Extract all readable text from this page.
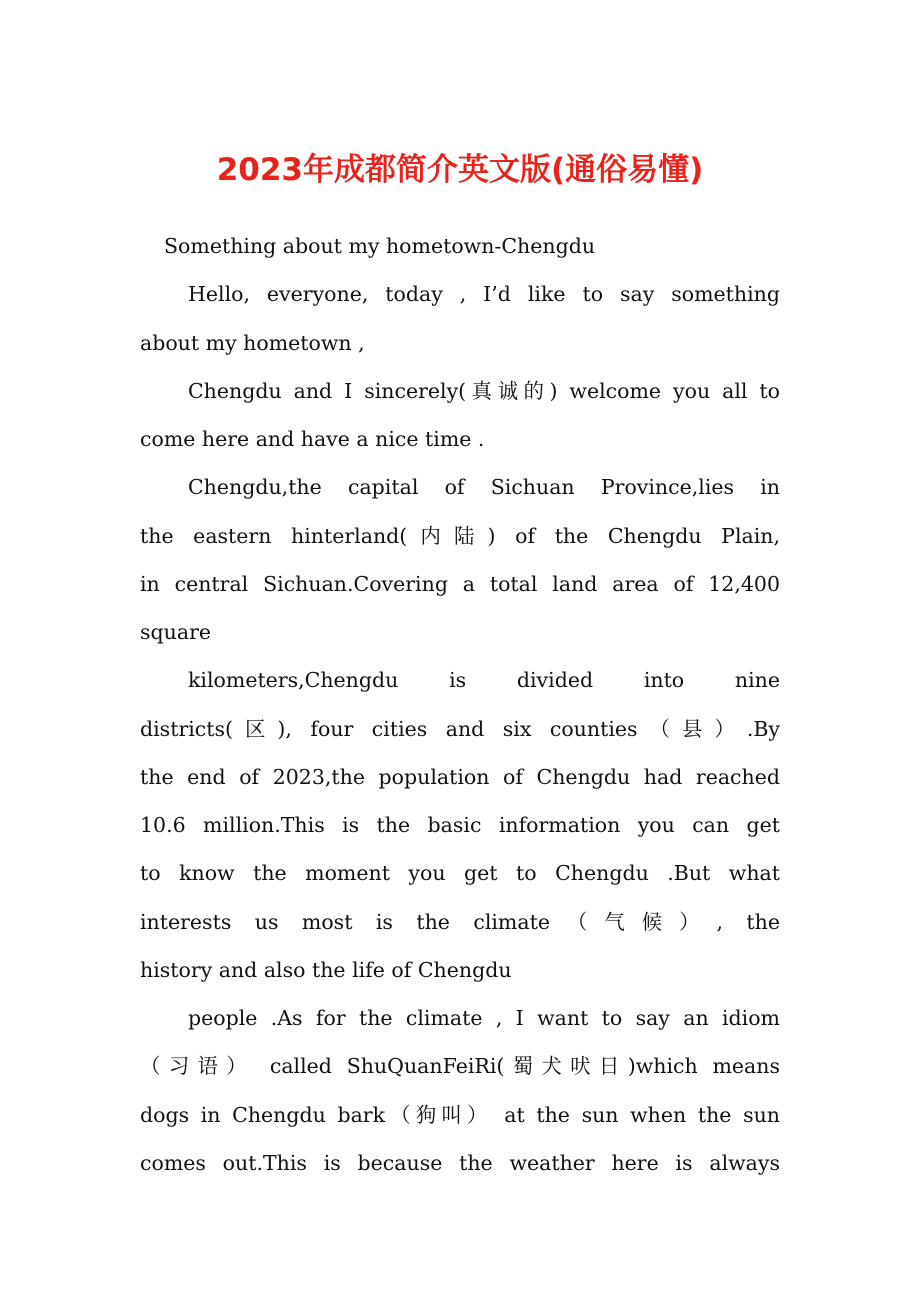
2023年成都简介英文版(通俗易懂)
Something about my hometown-Chengdu
Hello, everyone, today , I’d like to say something
about my hometown ,
Chengdu and I sincerely(真诚的) welcome you all to
come here and have a nice time .
Chengdu,the capital of Sichuan Province,lies in
the eastern hinterland(内陆) of the Chengdu Plain,
in central Sichuan.Covering a total land area of 12,400
square
kilometers,Chengdu is divided into nine
districts(区), four cities and six counties（县）.By
the end of 2023,the population of Chengdu had reached
10.6 million.This is the basic information you can get
to know the moment you get to Chengdu .But what
interests us most is the climate（气候）, the
history and also the life of Chengdu
people .As for the climate , I want to say an idiom
（习语） called ShuQuanFeiRi(蜀犬吠日)which means
dogs in Chengdu bark（狗叫） at the sun when the sun
comes out.This is because the weather here is always
